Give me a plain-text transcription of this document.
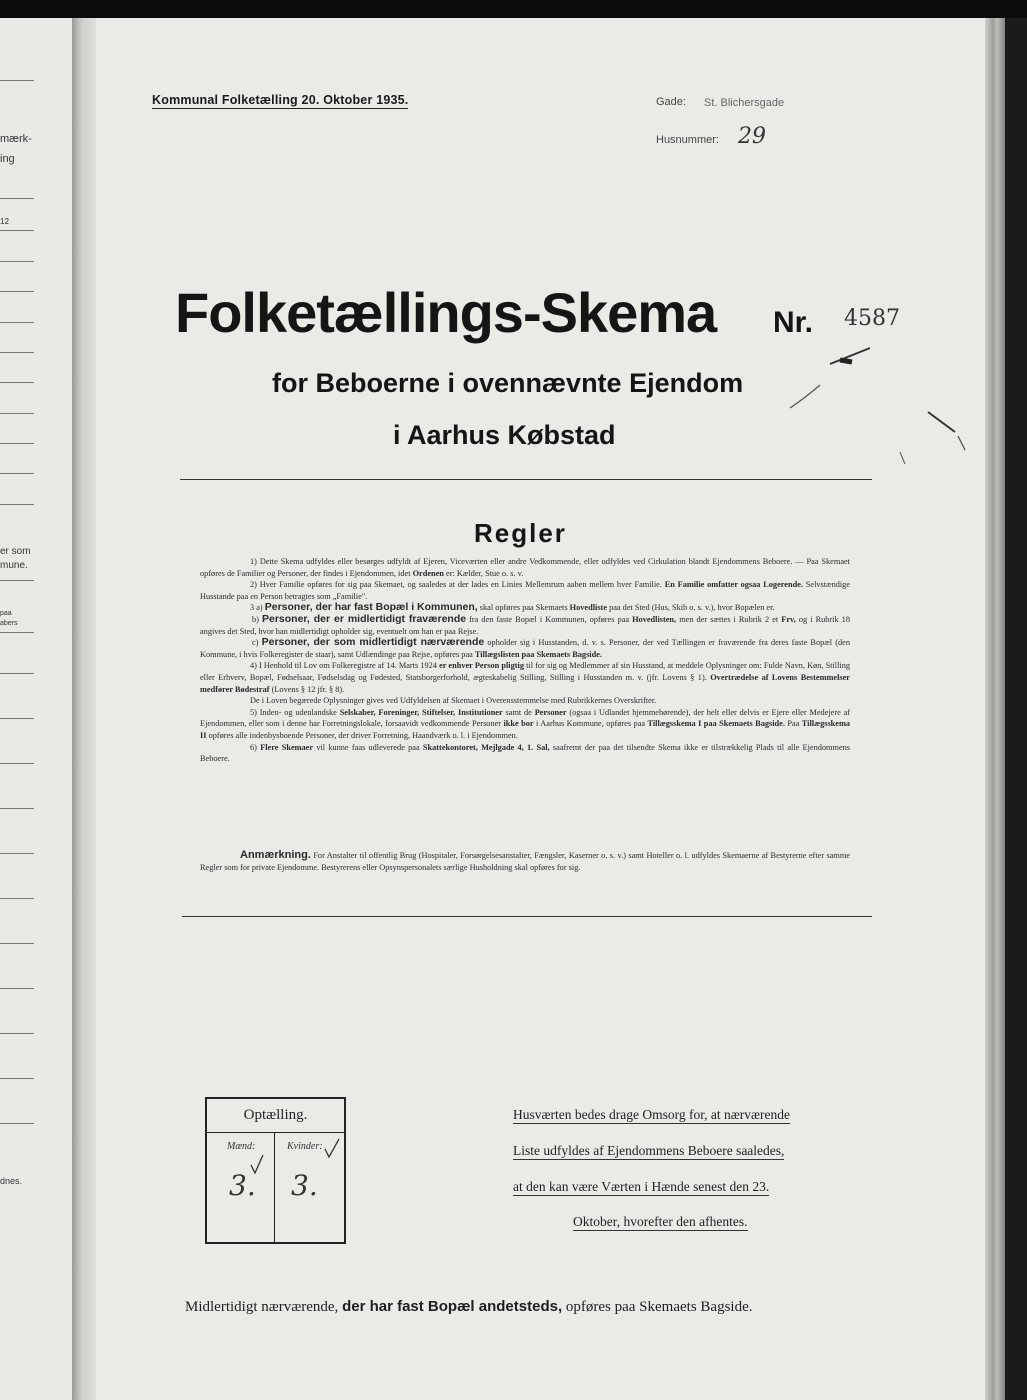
mærk-
ing
12
er som
mune.
paa
abers
dnes.
Kommunal Folketælling 20. Oktober 1935.	Gade: St. Blichersgade
Husnummer: 29
Folketællings-Skema Nr. 4587
for Beboerne i ovennævnte Ejendom
i Aarhus Købstad
Regler

1) Dette Skema udfyldes eller besørges udfyldt af Ejeren, Viceværten eller andre Vedkommende, eller udfyldes ved Cirkulation blandt Ejendommens Beboere. — Paa Skemaet opføres de Familier og Personer, der findes i Ejendommen, idet Ordenen er: Kælder, Stue o. s. v.

2) Hver Familie opføres for sig paa Skemaet, og saaledes at der lades en Linies Mellemrum aaben mellem hver Familie. En Familie omfatter ogsaa Logerende. Selvstændige Husstande paa en Person betragtes som „Familie".

3 a) Personer, der har fast Bopæl i Kommunen, skal opføres paa Skemaets Hovedliste paa det Sted (Hus, Skib o. s. v.), hvor Bopælen er.

b) Personer, der er midlertidigt fraværende fra den faste Bopæl i Kommunen, opføres paa Hovedlisten, men der sættes i Rubrik 2 et Frv, og i Rubrik 18 angives det Sted, hvor han midlertidigt opholder sig, eventuelt om han er paa Rejse.

c) Personer, der som midlertidigt nærværende opholder sig i Husstanden, d. v. s. Personer, der ved Tællingen er fraværende fra deres faste Bopæl (den Kommune, i hvis Folkeregister de staar), samt Udlændinge paa Rejse, opføres paa Tillægslisten paa Skemaets Bagside.

4) I Henhold til Lov om Folkeregistre af 14. Marts 1924 er enhver Person pligtig til for sig og Medlemmer af sin Husstand, at meddele Oplysninger om: Fulde Navn, Køn, Stilling eller Erhverv, Bopæl, Fødselsaar, Fødselsdag og Fødested, Statsborgerforhold, ægteskabelig Stilling, Stilling i Husstanden m. v. (jfr. Lovens § 1). Overtrædelse af Lovens Bestemmelser medfører Bødestraf (Lovens § 12 jfr. § 8).

De i Loven begærede Oplysninger gives ved Udfyldelsen af Skemaet i Overensstemmelse med Rubrikkernes Overskrifter.

5) Inden- og udenlandske Selskaber, Foreninger, Stiftelser, Institutioner samt de Personer (ogsaa i Udlandet hjemmehørende), der helt eller delvis er Ejere eller Medejere af Ejendommen, eller som i denne har Forretningslokale, forsaavidt vedkommende Personer ikke bor i Aarhus Kommune, opføres paa Tillægsskema I paa Skemaets Bagside. Paa Tillægsskema II opføres alle indenbysboende Personer, der driver Forretning, Haandværk o. l. i Ejendommen.

6) Flere Skemaer vil kunne faas udleverede paa Skattekontoret, Mejlgade 4, 1. Sal, saafremt der paa det tilsendte Skema ikke er tilstrækkelig Plads til alle Ejendommens Beboere.

Anmærkning. For Anstalter til offentlig Brug (Hospitaler, Forsørgelsesanstalter, Fængsler, Kaserner o. s. v.) samt Hoteller o. l. udfyldes Skemaerne af Bestyrerne efter samme Regler som for private Ejendomme. Bestyrerens eller Opsynspersonalets særlige Husholdning skal opføres for sig.

Optælling.
Mænd:	Kvinder:
3. 3.
Husværten bedes drage Omsorg for, at nærværende
Liste udfyldes af Ejendommens Beboere saaledes,
at den kan være Værten i Hænde senest den 23.
Oktober, hvorefter den afhentes.
Midlertidigt nærværende, der har fast Bopæl andetsteds, opføres paa Skemaets Bagside.
